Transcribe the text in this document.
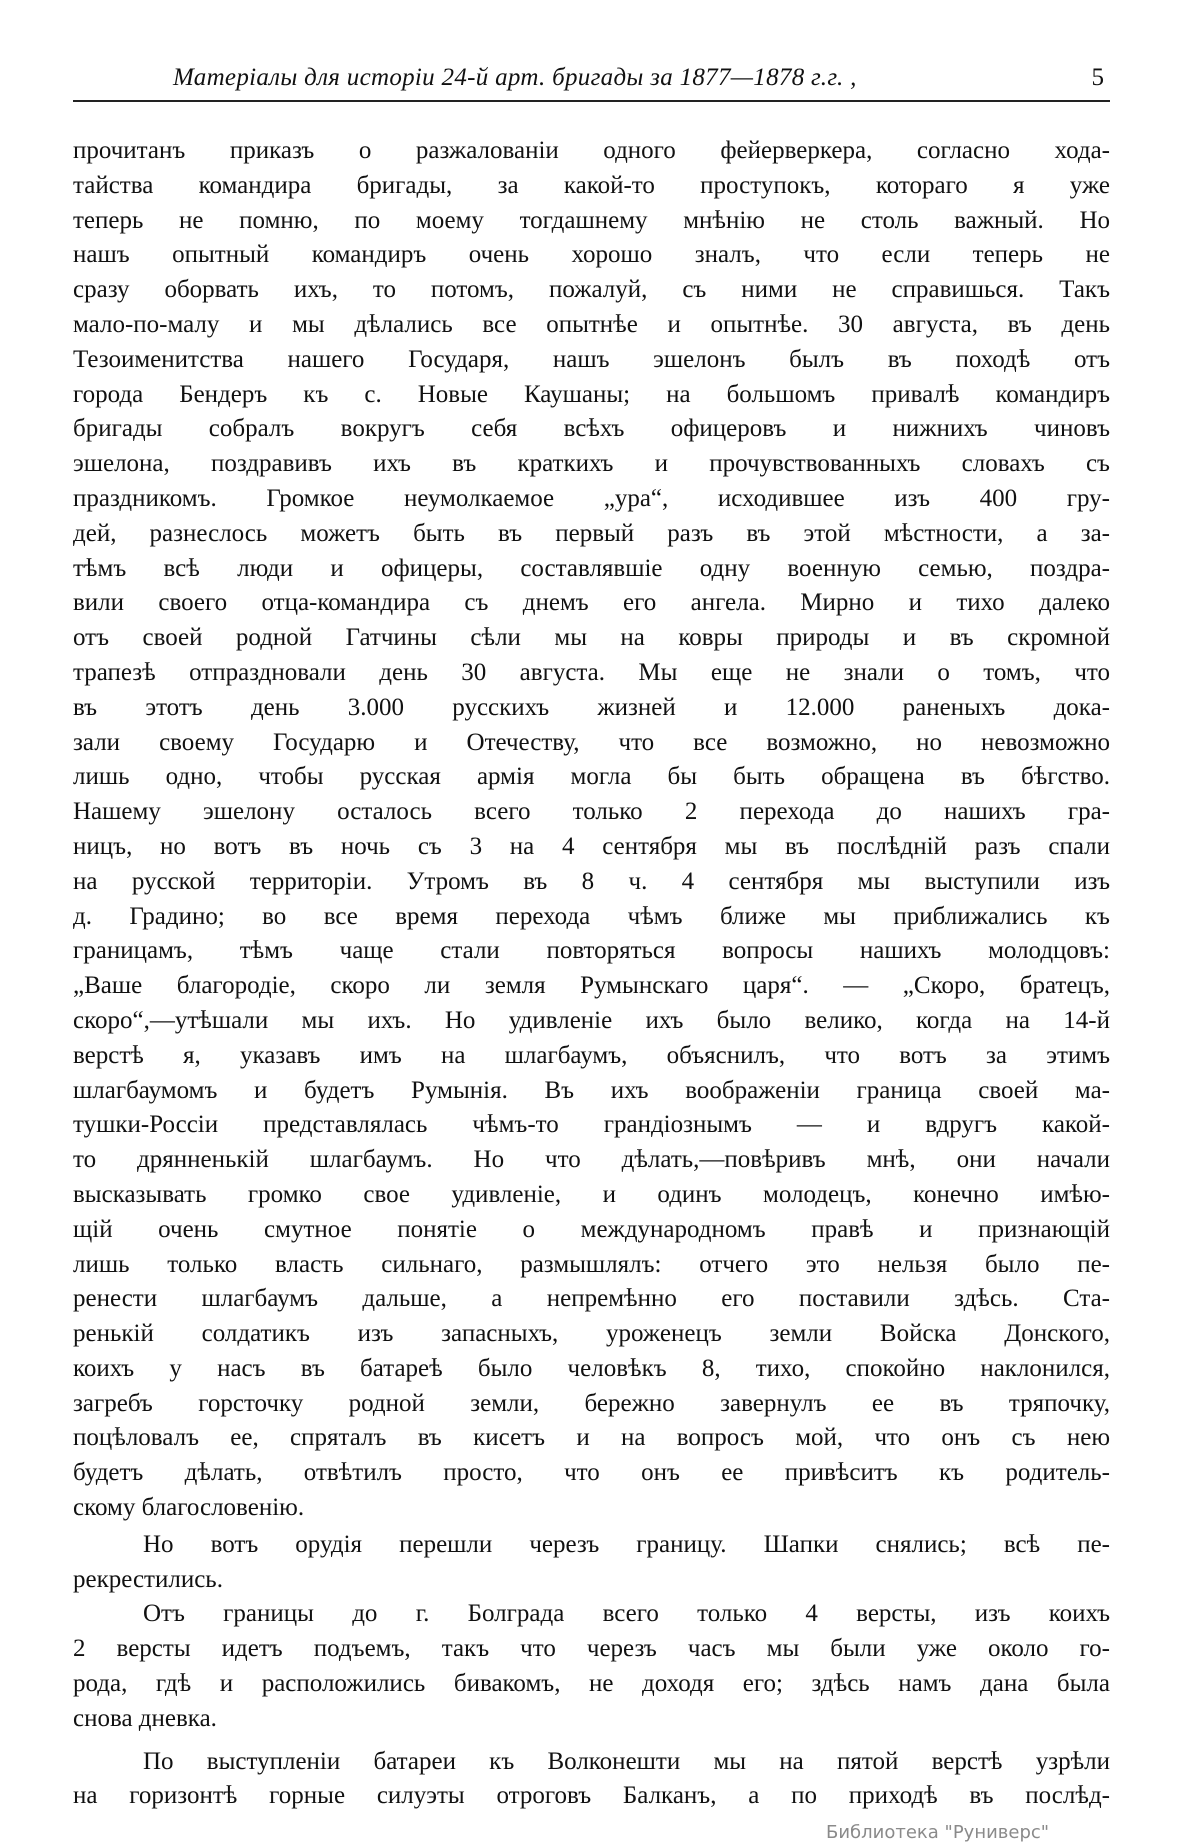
Матерiалы для исторiи 24-й арт. бригады за 1877—1878 г.г. ,	5
прочитанъ приказъ о разжалованiи одного фейерверкера, согласно хода-
тайства командира бригады, за какой-то проступокъ, котораго я уже
теперь не помню, по моему тогдашнему мнѣнiю не столь важный. Но
нашъ опытный командиръ очень хорошо зналъ, что если теперь не
сразу оборвать ихъ, то потомъ, пожалуй, съ ними не справишься. Такъ
мало-по-малу и мы дѣлались все опытнѣе и опытнѣе. 30 августа, въ день
Тезоименитства нашего Государя, нашъ эшелонъ былъ въ походѣ отъ
города Бендеръ къ с. Новые Каушаны; на большомъ привалѣ командиръ
бригады собралъ вокругъ себя всѣхъ офицеровъ и нижнихъ чиновъ
эшелона, поздравивъ ихъ въ краткихъ и прочувствованныхъ словахъ съ
праздникомъ. Громкое неумолкаемое „ура“, исходившее изъ 400 гру-
дей, разнеслось можетъ быть въ первый разъ въ этой мѣстности, а за-
тѣмъ всѣ люди и офицеры, составлявшiе одну военную семью, поздра-
вили своего отца-командира съ днемъ его ангела. Мирно и тихо далеко
отъ своей родной Гатчины сѣли мы на ковры природы и въ скромной
трапезѣ отпраздновали день 30 августа. Мы еще не знали о томъ, что
въ этотъ день 3.000 русскихъ жизней и 12.000 раненыхъ дока-
зали своему Государю и Отечеству, что все возможно, но невозможно
лишь одно, чтобы русская армiя могла бы быть обращена въ бѣгство.
Нашему эшелону осталось всего только 2 перехода до нашихъ гра-
ницъ, но вотъ въ ночь съ 3 на 4 сентября мы въ послѣднiй разъ спали
на русской территорiи. Утромъ въ 8 ч. 4 сентября мы выступили изъ
д. Градино; во все время перехода чѣмъ ближе мы приближались къ
границамъ, тѣмъ чаще стали повторяться вопросы нашихъ молодцовъ:
„Ваше благородiе, скоро ли земля Румынскаго царя“. — „Скоро, братецъ,
скоро“,—утѣшали мы ихъ. Но удивленiе ихъ было велико, когда на 14-й
верстѣ я, указавъ имъ на шлагбаумъ, объяснилъ, что вотъ за этимъ
шлагбаумомъ и будетъ Румынiя. Въ ихъ воображенiи граница своей ма-
тушки-Россiи представлялась чѣмъ-то грандiознымъ — и вдругъ какой-
то дрянненькiй шлагбаумъ. Но что дѣлать,—повѣривъ мнѣ, они начали
высказывать громко свое удивленiе, и одинъ молодецъ, конечно имѣю-
щiй очень смутное понятiе о международномъ правѣ и признающiй
лишь только власть сильнаго, размышлялъ: отчего это нельзя было пе-
ренести шлагбаумъ дальше, а непремѣнно его поставили здѣсь. Ста-
ренькiй солдатикъ изъ запасныхъ, уроженецъ земли Войска Донского,
коихъ у насъ въ батареѣ было человѣкъ 8, тихо, спокойно наклонился,
загребъ горсточку родной земли, бережно завернулъ ее въ тряпочку,
поцѣловалъ ее, спряталъ въ кисетъ и на вопросъ мой, что онъ съ нею
будетъ дѣлать, отвѣтилъ просто, что онъ ее привѣситъ къ родитель-
скому благословенiю.
Но вотъ орудiя перешли черезъ границу. Шапки снялись; всѣ пе-
рекрестились.
Отъ границы до г. Болграда всего только 4 версты, изъ коихъ
2 версты идетъ подъемъ, такъ что черезъ часъ мы были уже около го-
рода, гдѣ и расположились бивакомъ, не доходя его; здѣсь намъ дана была
снова дневка.
По выступленiи батареи къ Волконешти мы на пятой верстѣ узрѣли
на горизонтѣ горные силуэты отроговъ Балканъ, а по приходѣ въ послѣд-
Библиотека "Руниверс"
